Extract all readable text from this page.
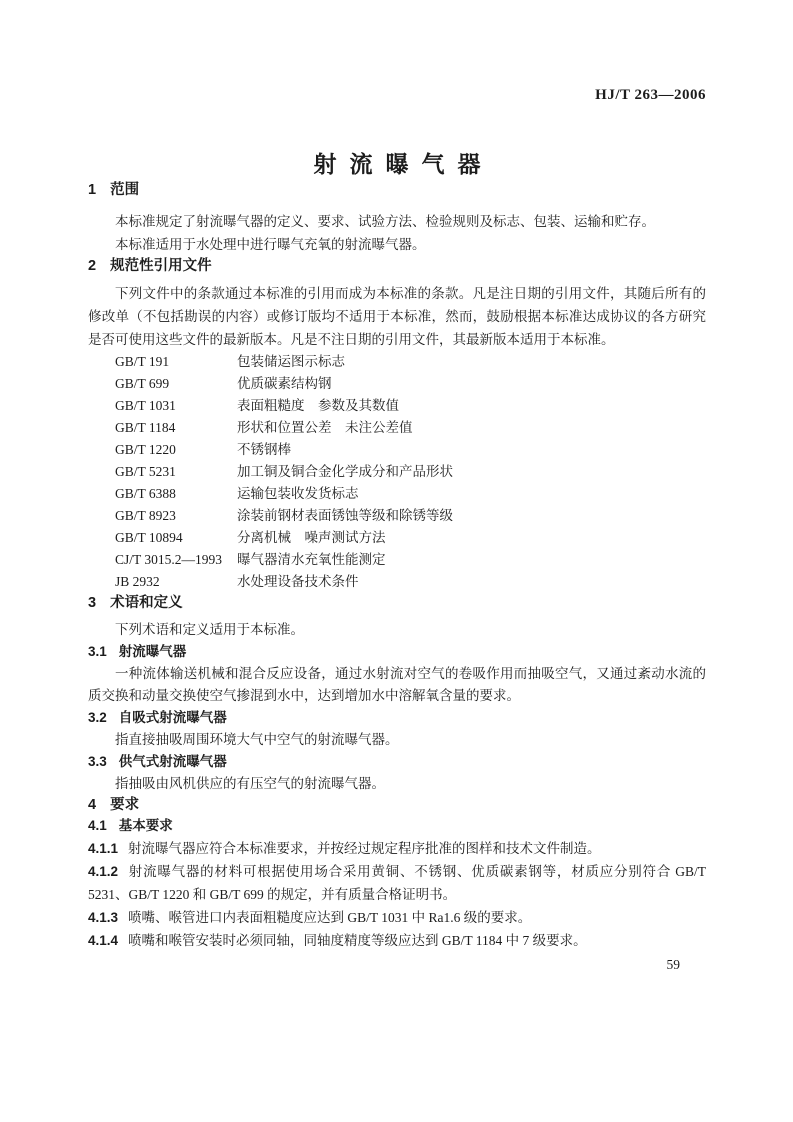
HJ/T 263—2006
射流曝气器
1 范围

本标准规定了射流曝气器的定义、要求、试验方法、检验规则及标志、包装、运输和贮存。

本标准适用于水处理中进行曝气充氧的射流曝气器。

2 规范性引用文件

下列文件中的条款通过本标准的引用而成为本标准的条款。凡是注日期的引用文件，其随后所有的修改单（不包括勘误的内容）或修订版均不适用于本标准，然而，鼓励根据本标准达成协议的各方研究是否可使用这些文件的最新版本。凡是不注日期的引用文件，其最新版本适用于本标准。

GB/T 191	包装储运图示标志
GB/T 699	优质碳素结构钢
GB/T 1031	表面粗糙度　参数及其数值
GB/T 1184	形状和位置公差　未注公差值
GB/T 1220	不锈钢棒
GB/T 5231	加工铜及铜合金化学成分和产品形状
GB/T 6388	运输包装收发货标志
GB/T 8923	涂装前钢材表面锈蚀等级和除锈等级
GB/T 10894	分离机械　噪声测试方法
CJ/T 3015.2—1993 曝气器清水充氧性能测定
JB 2932	水处理设备技术条件
3 术语和定义

下列术语和定义适用于本标准。

3.1 射流曝气器

一种流体输送机械和混合反应设备，通过水射流对空气的卷吸作用而抽吸空气，又通过紊动水流的质交换和动量交换使空气掺混到水中，达到增加水中溶解氧含量的要求。

3.2 自吸式射流曝气器

指直接抽吸周围环境大气中空气的射流曝气器。

3.3 供气式射流曝气器

指抽吸由风机供应的有压空气的射流曝气器。

4 要求
4.1 基本要求

4.1.1 射流曝气器应符合本标准要求，并按经过规定程序批准的图样和技术文件制造。

4.1.2 射流曝气器的材料可根据使用场合采用黄铜、不锈钢、优质碳素钢等，材质应分别符合 GB/T 5231、GB/T 1220 和 GB/T 699 的规定，并有质量合格证明书。

4.1.3 喷嘴、喉管进口内表面粗糙度应达到 GB/T 1031 中 Ra1.6 级的要求。

4.1.4 喷嘴和喉管安装时必须同轴，同轴度精度等级应达到 GB/T 1184 中 7 级要求。

59
